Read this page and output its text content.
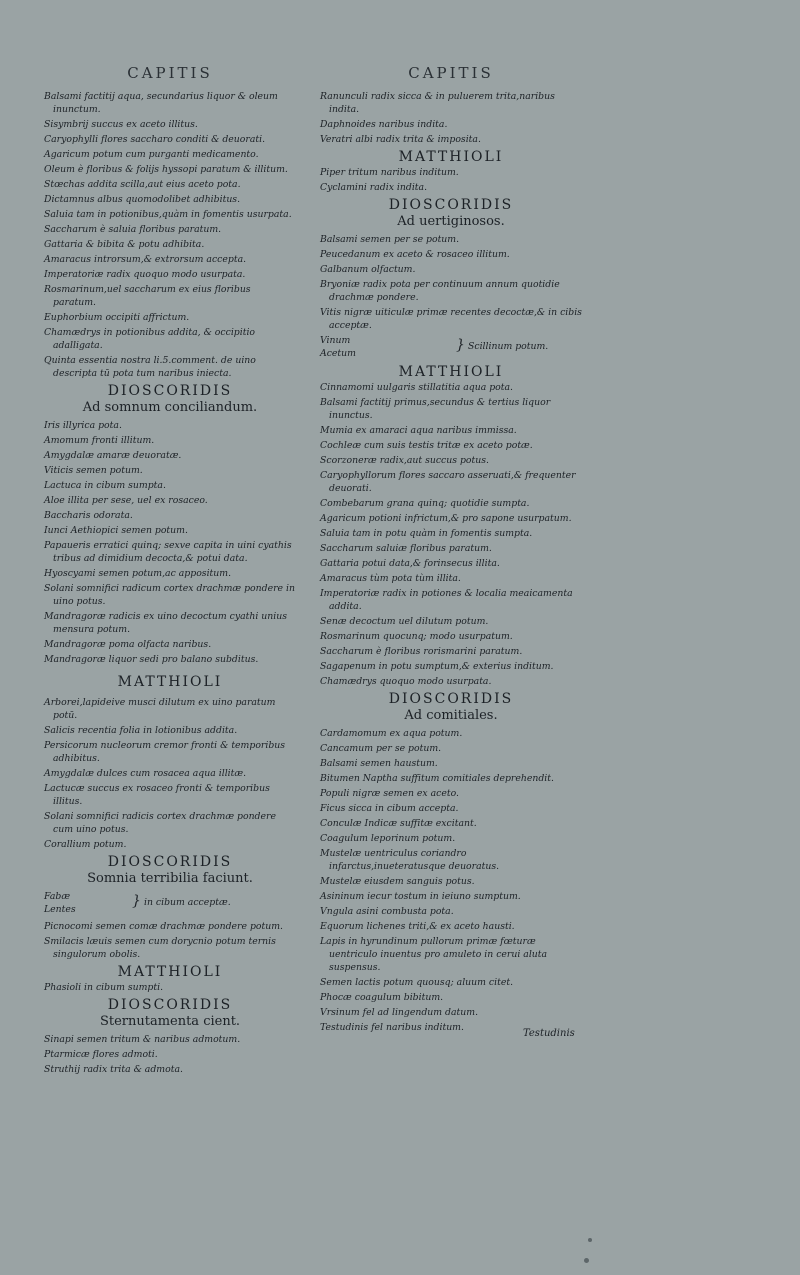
CAPITIS

Balsami factitij aqua, secundarius liquor & oleum inunctum.

Sisymbrij succus ex aceto illitus.

Caryophylli flores saccharo conditi & deuorati.

Agaricum potum cum purganti medicamento.

Oleum è floribus & folijs hyssopi paratum & illitum.

Stœchas addita scilla,aut eius aceto pota.

Dictamnus albus quomodolibet adhibitus.

Saluia tam in potionibus,quàm in fomentis usurpata.

Saccharum è saluia floribus paratum.

Gattaria & bibita & potu adhibita.

Amaracus introrsum,& extrorsum accepta.

Imperatoriæ radix quoquo modo usurpata.

Rosmarinum,uel saccharum ex eius floribus paratum.

Euphorbium occipiti affrictum.

Chamædrys in potionibus addita, & occipitio adalligata.

Quinta essentia nostra li.5.comment. de uino descripta tū pota tum naribus iniecta.

DIOSCORIDIS
Ad somnum conciliandum.

Iris illyrica pota.

Amomum fronti illitum.

Amygdalæ amaræ deuoratæ.

Viticis semen potum.

Lactuca in cibum sumpta.

Aloe illita per sese, uel ex rosaceo.

Baccharis odorata.

Iunci Aethiopici semen potum.

Papaueris erratici quinq; sexve capita in uini cyathis tribus ad dimidium decocta,& potui data.

Hyoscyami semen potum,ac appositum.

Solani somnifici radicum cortex drachmæ pondere in uino potus.

Mandragoræ radicis ex uino decoctum cyathi unius mensura potum.

Mandragoræ poma olfacta naribus.

Mandragoræ liquor sedi pro balano subditus.

MATTHIOLI

Arborei,lapideive musci dilutum ex uino paratum potū.

Salicis recentia folia in lotionibus addita.

Persicorum nucleorum cremor fronti & temporibus adhibitus.

Amygdalæ dulces cum rosacea aqua illitæ.

Lactucæ succus ex rosaceo fronti & temporibus illitus.

Solani somnifici radicis cortex drachmæ pondere cum uino potus.

Corallium potum.

DIOSCORIDIS
Somnia terribilia faciunt.
Fabæ
Lentes
} in cibum acceptæ.

Picnocomi semen comæ drachmæ pondere potum.

Smilacis læuis semen cum dorycnio potum ternis singulorum obolis.

MATTHIOLI

Phasioli in cibum sumpti.

DIOSCORIDIS
Sternutamenta cient.

Sinapi semen tritum & naribus admotum.

Ptarmicæ flores admoti.

Struthij radix trita & admota.

CAPITIS

Ranunculi radix sicca & in puluerem trita,naribus indita.

Daphnoides naribus indita.

Veratri albi radix trita & imposita.

MATTHIOLI

Piper tritum naribus inditum.

Cyclamini radix indita.

DIOSCORIDIS
Ad uertiginosos.

Balsami semen per se potum.

Peucedanum ex aceto & rosaceo illitum.

Galbanum olfactum.

Bryoniæ radix pota per continuum annum quotidie drachmæ pondere.

Vitis nigræ uiticulæ primæ recentes decoctæ,& in cibis acceptæ.

Vinum
Acetum
} Scillinum potum.
MATTHIOLI

Cinnamomi uulgaris stillatitia aqua pota.

Balsami factitij primus,secundus & tertius liquor inunctus.

Mumia ex amaraci aqua naribus immissa.

Cochleæ cum suis testis tritæ ex aceto potæ.

Scorzoneræ radix,aut succus potus.

Caryophyllorum flores saccaro asseruati,& frequenter deuorati.

Combebarum grana quinq; quotidie sumpta.

Agaricum potioni infrictum,& pro sapone usurpatum.

Saluia tam in potu quàm in fomentis sumpta.

Saccharum saluiæ floribus paratum.

Gattaria potui data,& forinsecus illita.

Amaracus tùm pota tùm illita.

Imperatoriæ radix in potiones & localia meaicamenta addita.

Senæ decoctum uel dilutum potum.

Rosmarinum quocunq; modo usurpatum.

Saccharum è floribus rorismarini paratum.

Sagapenum in potu sumptum,& exterius inditum.

Chamædrys quoquo modo usurpata.

DIOSCORIDIS
Ad comitiales.

Cardamomum ex aqua potum.

Cancamum per se potum.

Balsami semen haustum.

Bitumen Naptha suffitum comitiales deprehendit.

Populi nigræ semen ex aceto.

Ficus sicca in cibum accepta.

Conculæ Indicæ suffitæ excitant.

Coagulum leporinum potum.

Mustelæ uentriculus coriandro infarctus,inueteratusque deuoratus.

Mustelæ eiusdem sanguis potus.

Asininum iecur tostum in ieiuno sumptum.

Vngula asini combusta pota.

Equorum lichenes triti,& ex aceto hausti.

Lapis in hyrundinum pullorum primæ fœturæ uentriculo inuentus pro amuleto in cerui aluta suspensus.

Semen lactis potum quousq; aluum citet.

Phocæ coagulum bibitum.

Vrsinum fel ad lingendum datum.

Testudinis fel naribus inditum.

Testudinis
